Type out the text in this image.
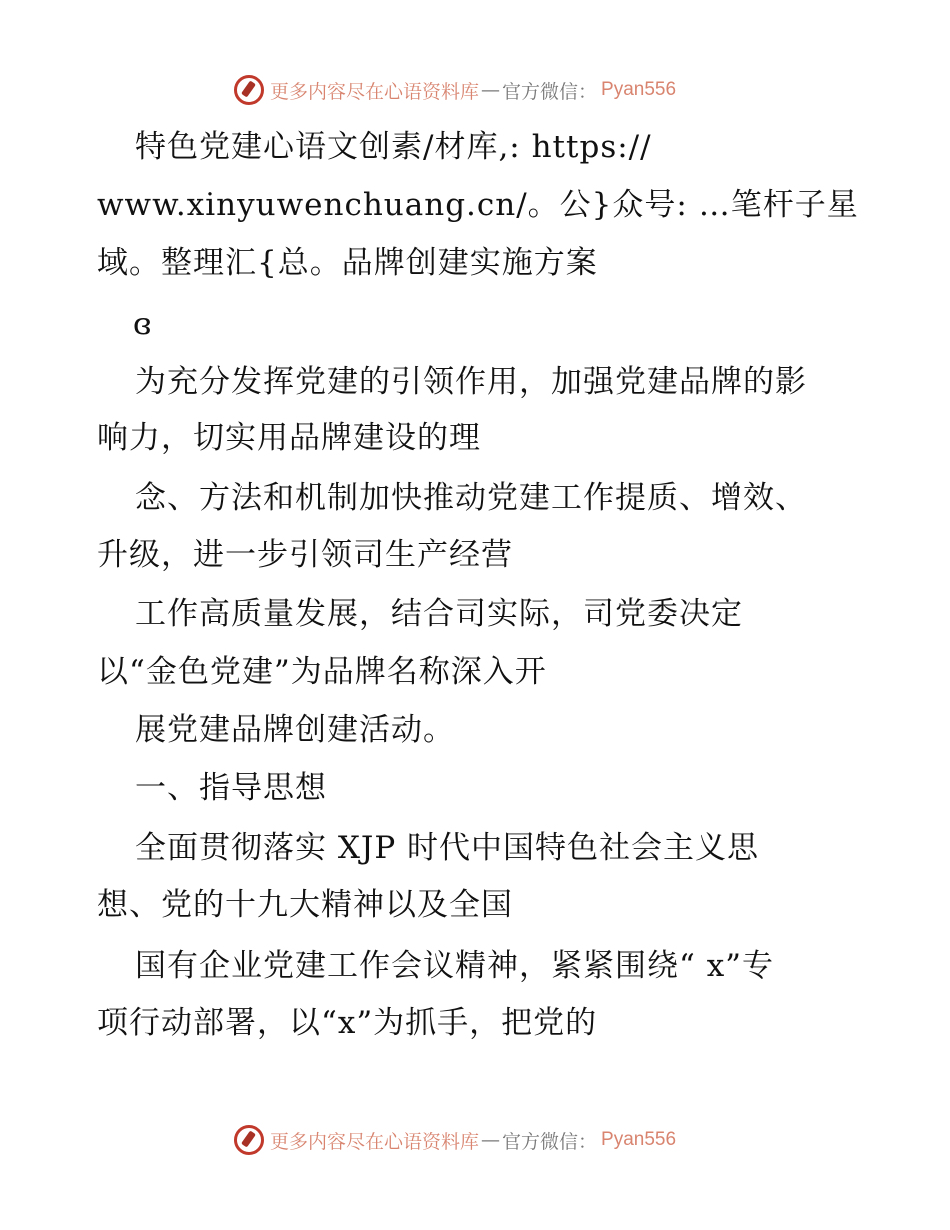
更多内容尽在心语资料库 — 官方微信： Pyan556
特色党建心语文创素/材库,: https://
www.xinyuwenchuang.cn/。公}众号: …笔杆子星
域。整理汇{总。品牌创建实施方案
ɞ
为充分发挥党建的引领作用，加强党建品牌的影
响力，切实用品牌建设的理
念、方法和机制加快推动党建工作提质、增效、
升级，进一步引领司生产经营
工作高质量发展，结合司实际，司党委决定
以“金色党建”为品牌名称深入开
展党建品牌创建活动。
一、指导思想
全面贯彻落实 XJP 时代中国特色社会主义思
想、党的十九大精神以及全国
国有企业党建工作会议精神，紧紧围绕“ x”专
项行动部署，以“x”为抓手，把党的
更多内容尽在心语资料库 — 官方微信： Pyan556
